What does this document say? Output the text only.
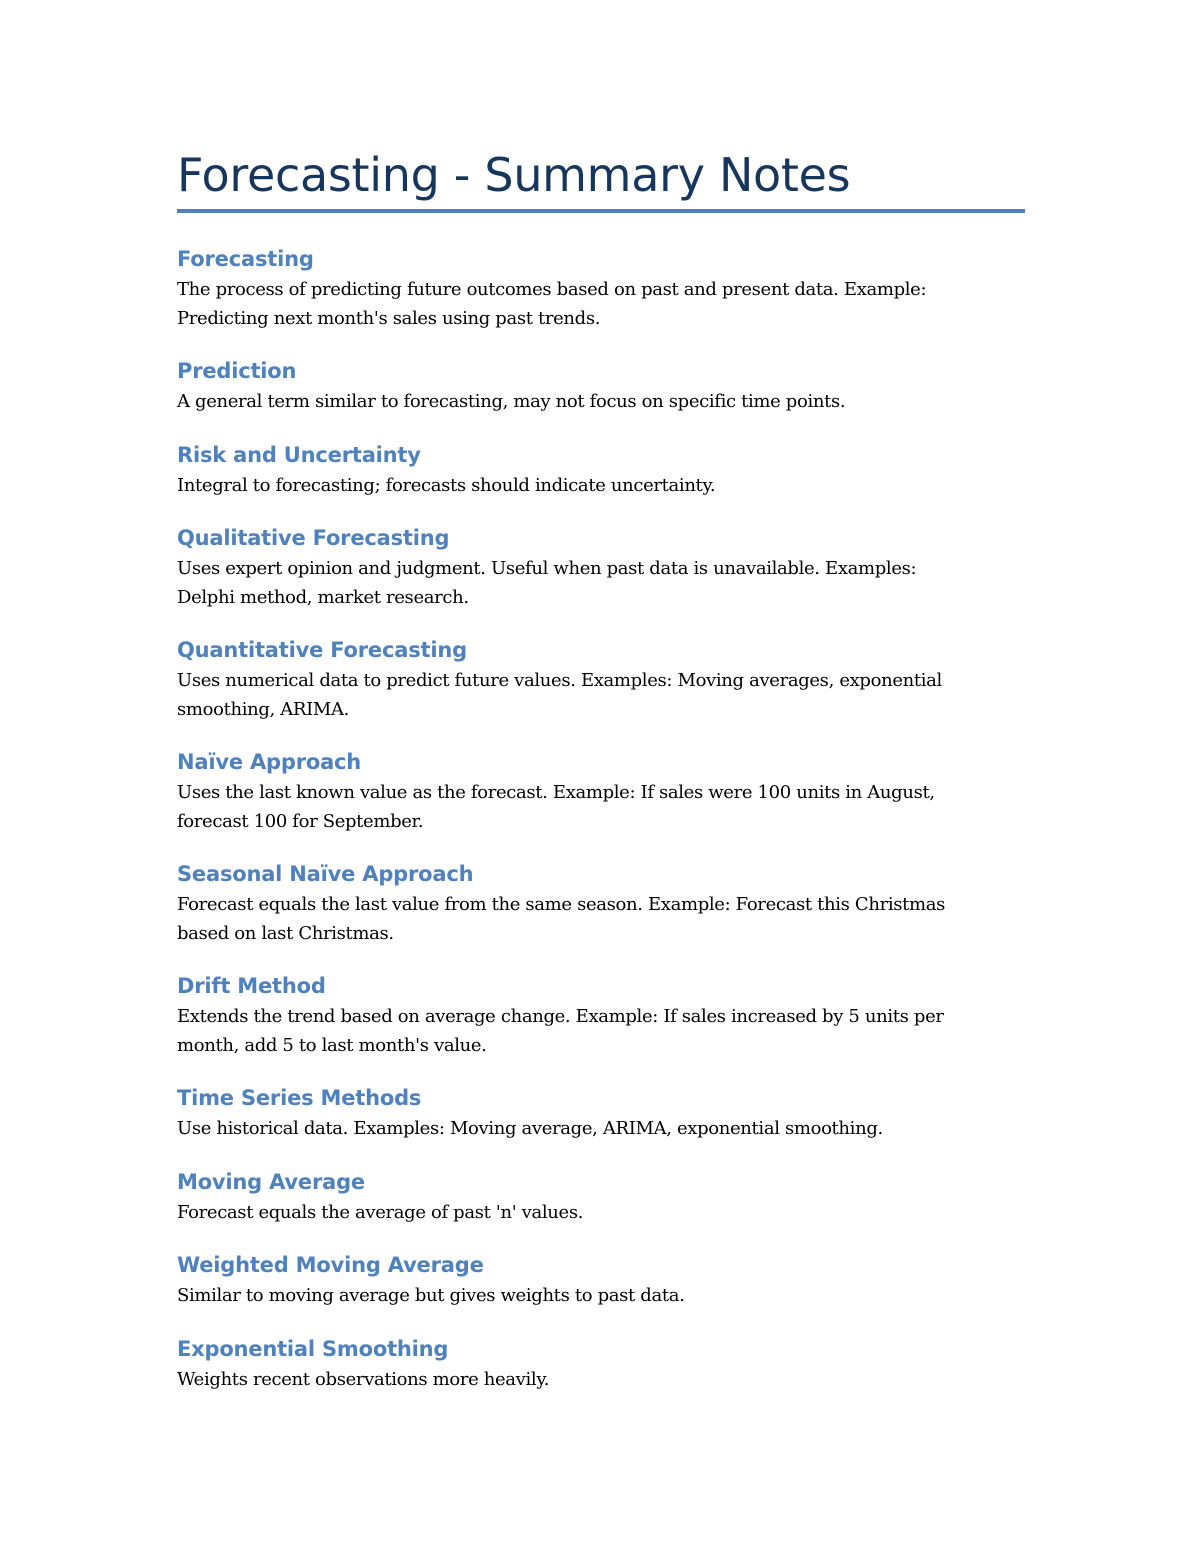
Forecasting - Summary Notes
Forecasting

The process of predicting future outcomes based on past and present data. Example: Predicting next month's sales using past trends.

Prediction

A general term similar to forecasting, may not focus on specific time points.

Risk and Uncertainty

Integral to forecasting; forecasts should indicate uncertainty.

Qualitative Forecasting

Uses expert opinion and judgment. Useful when past data is unavailable. Examples: Delphi method, market research.

Quantitative Forecasting

Uses numerical data to predict future values. Examples: Moving averages, exponential smoothing, ARIMA.

Naïve Approach

Uses the last known value as the forecast. Example: If sales were 100 units in August, forecast 100 for September.

Seasonal Naïve Approach

Forecast equals the last value from the same season. Example: Forecast this Christmas based on last Christmas.

Drift Method

Extends the trend based on average change. Example: If sales increased by 5 units per month, add 5 to last month's value.

Time Series Methods

Use historical data. Examples: Moving average, ARIMA, exponential smoothing.

Moving Average

Forecast equals the average of past 'n' values.

Weighted Moving Average

Similar to moving average but gives weights to past data.

Exponential Smoothing

Weights recent observations more heavily.
